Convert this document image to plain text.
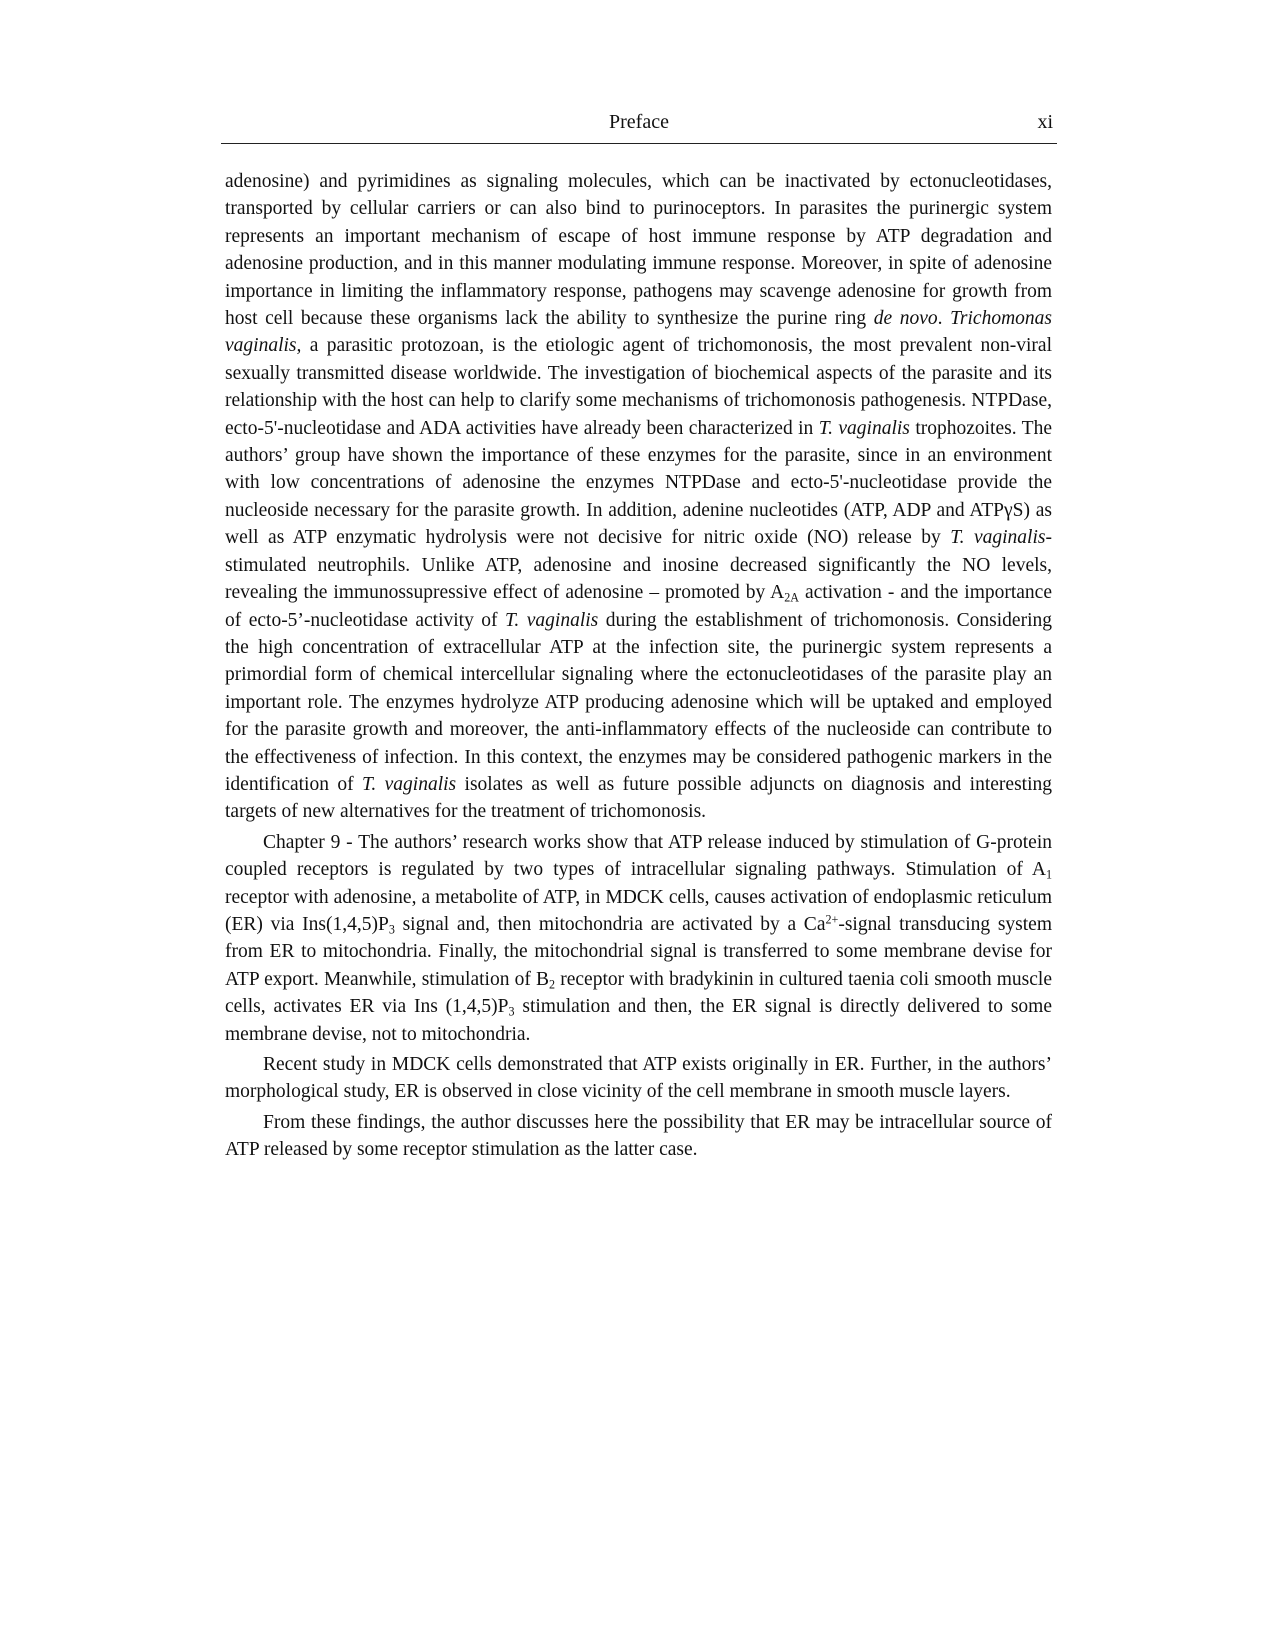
Preface	xi

adenosine) and pyrimidines as signaling molecules, which can be inactivated by ectonucleotidases, transported by cellular carriers or can also bind to purinoceptors. In parasites the purinergic system represents an important mechanism of escape of host immune response by ATP degradation and adenosine production, and in this manner modulating immune response. Moreover, in spite of adenosine importance in limiting the inflammatory response, pathogens may scavenge adenosine for growth from host cell because these organisms lack the ability to synthesize the purine ring de novo. Trichomonas vaginalis, a parasitic protozoan, is the etiologic agent of trichomonosis, the most prevalent non-viral sexually transmitted disease worldwide. The investigation of biochemical aspects of the parasite and its relationship with the host can help to clarify some mechanisms of trichomonosis pathogenesis. NTPDase, ecto-5'-nucleotidase and ADA activities have already been characterized in T. vaginalis trophozoites. The authors’ group have shown the importance of these enzymes for the parasite, since in an environment with low concentrations of adenosine the enzymes NTPDase and ecto-5'-nucleotidase provide the nucleoside necessary for the parasite growth. In addition, adenine nucleotides (ATP, ADP and ATPγS) as well as ATP enzymatic hydrolysis were not decisive for nitric oxide (NO) release by T. vaginalis-stimulated neutrophils. Unlike ATP, adenosine and inosine decreased significantly the NO levels, revealing the immunossupressive effect of adenosine – promoted by $A_{2A}$ activation - and the importance of ecto-5’-nucleotidase activity of T. vaginalis during the establishment of trichomonosis. Considering the high concentration of extracellular ATP at the infection site, the purinergic system represents a primordial form of chemical intercellular signaling where the ectonucleotidases of the parasite play an important role. The enzymes hydrolyze ATP producing adenosine which will be uptaked and employed for the parasite growth and moreover, the anti-inflammatory effects of the nucleoside can contribute to the effectiveness of infection. In this context, the enzymes may be considered pathogenic markers in the identification of T. vaginalis isolates as well as future possible adjuncts on diagnosis and interesting targets of new alternatives for the treatment of trichomonosis.

Chapter 9 - The authors’ research works show that ATP release induced by stimulation of G-protein coupled receptors is regulated by two types of intracellular signaling pathways. Stimulation of $A_1$ receptor with adenosine, a metabolite of ATP, in MDCK cells, causes activation of endoplasmic reticulum (ER) via $Ins(1,4,5)P_3$ signal and, then mitochondria are activated by a $Ca^{2+}$-signal transducing system from ER to mitochondria. Finally, the mitochondrial signal is transferred to some membrane devise for ATP export. Meanwhile, stimulation of $B_2$ receptor with bradykinin in cultured taenia coli smooth muscle cells, activates ER via Ins $(1,4,5)P_3$ stimulation and then, the ER signal is directly delivered to some membrane devise, not to mitochondria.

Recent study in MDCK cells demonstrated that ATP exists originally in ER. Further, in the authors’ morphological study, ER is observed in close vicinity of the cell membrane in smooth muscle layers.

From these findings, the author discusses here the possibility that ER may be intracellular source of ATP released by some receptor stimulation as the latter case.
